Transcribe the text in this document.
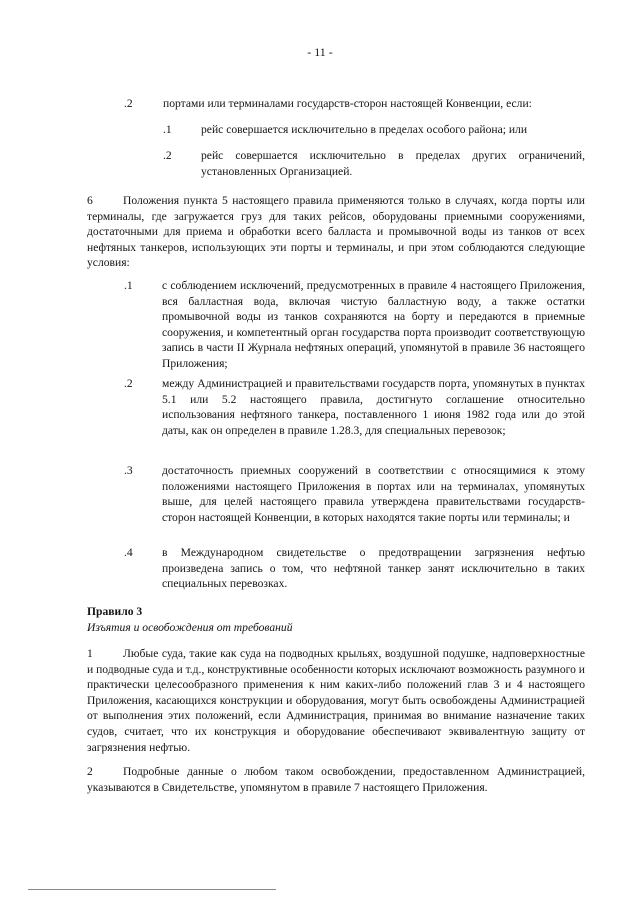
- 11 -
.2	портами или терминалами государств-сторон настоящей Конвенции, если:
.1	рейс совершается исключительно в пределах особого района; или
.2	рейс совершается исключительно в пределах других ограничений, установленных Организацией.
6	Положения пункта 5 настоящего правила применяются только в случаях, когда порты или терминалы, где загружается груз для таких рейсов, оборудованы приемными сооружениями, достаточными для приема и обработки всего балласта и промывочной воды из танков от всех нефтяных танкеров, использующих эти порты и терминалы, и при этом соблюдаются следующие условия:
.1	с соблюдением исключений, предусмотренных в правиле 4 настоящего Приложения, вся балластная вода, включая чистую балластную воду, а также остатки промывочной воды из танков сохраняются на борту и передаются в приемные сооружения, и компетентный орган государства порта производит соответствующую запись в части II Журнала нефтяных операций, упомянутой в правиле 36 настоящего Приложения;
.2	между Администрацией и правительствами государств порта, упомянутых в пунктах 5.1 или 5.2 настоящего правила, достигнуто соглашение относительно использования нефтяного танкера, поставленного 1 июня 1982 года или до этой даты, как он определен в правиле 1.28.3, для специальных перевозок;
.3	достаточность приемных сооружений в соответствии с относящимися к этому положениями настоящего Приложения в портах или на терминалах, упомянутых выше, для целей настоящего правила утверждена правительствами государств-сторон настоящей Конвенции, в которых находятся такие порты или терминалы; и
.4	в Международном свидетельстве о предотвращении загрязнения нефтью произведена запись о том, что нефтяной танкер занят исключительно в таких специальных перевозках.
Правило 3
Изъятия и освобождения от требований
1	Любые суда, такие как суда на подводных крыльях, воздушной подушке, надповерхностные и подводные суда и т.д., конструктивные особенности которых исключают возможность разумного и практически целесообразного применения к ним каких-либо положений глав 3 и 4 настоящего Приложения, касающихся конструкции и оборудования, могут быть освобождены Администрацией от выполнения этих положений, если Администрация, принимая во внимание назначение таких судов, считает, что их конструкция и оборудование обеспечивают эквивалентную защиту от загрязнения нефтью.
2	Подробные данные о любом таком освобождении, предоставленном Администрацией, указываются в Свидетельстве, упомянутом в правиле 7 настоящего Приложения.
